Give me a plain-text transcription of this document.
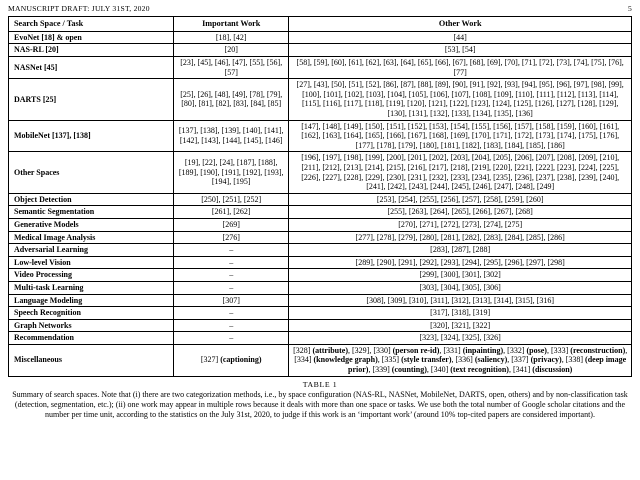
MANUSCRIPT DRAFT: JULY 31ST, 2020	5
Search Space / Task	Important Work	Other Work
EvoNet [18] & open	[18], [42]	[44]
NAS-RL [20]	[20]	[53], [54]
NASNet [45]	[23], [45], [46], [47], [55], [56], [57]	[58], [59], [60], [61], [62], [63], [64], [65], [66], [67], [68], [69], [70], [71], [72], [73], [74], [75], [76], [77]
DARTS [25]	[25], [26], [48], [49], [78], [79], [80], [81], [82], [83], [84], [85]	[27], [43], [50], [51], [52], [86], [87], [88], [89], [90], [91], [92], [93], [94], [95], [96], [97], [98], [99], [100], [101], [102], [103], [104], [105], [106], [107], [108], [109], [110], [111], [112], [113], [114], [115], [116], [117], [118], [119], [120], [121], [122], [123], [124], [125], [126], [127], [128], [129], [130], [131], [132], [133], [134], [135], [136]
MobileNet [137], [138]	[137], [138], [139], [140], [141], [142], [143], [144], [145], [146]	[147], [148], [149], [150], [151], [152], [153], [154], [155], [156], [157], [158], [159], [160], [161], [162], [163], [164], [165], [166], [167], [168], [169], [170], [171], [172], [173], [174], [175], [176], [177], [178], [179], [180], [181], [182], [183], [184], [185], [186]
Other Spaces	[19], [22], [24], [187], [188], [189], [190], [191], [192], [193], [194], [195]	[196], [197], [198], [199], [200], [201], [202], [203], [204], [205], [206], [207], [208], [209], [210], [211], [212], [213], [214], [215], [216], [217], [218], [219], [220], [221], [222], [223], [224], [225], [226], [227], [228], [229], [230], [231], [232], [233], [234], [235], [236], [237], [238], [239], [240], [241], [242], [243], [244], [245], [246], [247], [248], [249]
Object Detection	[250], [251], [252]	[253], [254], [255], [256], [257], [258], [259], [260]
Semantic Segmentation	[261], [262]	[255], [263], [264], [265], [266], [267], [268]
Generative Models	[269]	[270], [271], [272], [273], [274], [275]
Medical Image Analysis	[276]	[277], [278], [279], [280], [281], [282], [283], [284], [285], [286]
Adversarial Learning	–	[283], [287], [288]
Low-level Vision	–	[289], [290], [291], [292], [293], [294], [295], [296], [297], [298]
Video Processing	–	[299], [300], [301], [302]
Multi-task Learning	–	[303], [304], [305], [306]
Language Modeling	[307]	[308], [309], [310], [311], [312], [313], [314], [315], [316]
Speech Recognition	–	[317], [318], [319]
Graph Networks	–	[320], [321], [322]
Recommendation	–	[323], [324], [325], [326]
Miscellaneous	[327] (captioning)	[328] (attribute), [329], [330] (person re-id), [331] (inpainting), [332] (pose), [333] (reconstruction), [334] (knowledge graph), [335] (style transfer), [336] (saliency), [337] (privacy), [338] (deep image prior), [339] (counting), [340] (text recognition), [341] (discussion)
TABLE 1
Summary of search spaces. Note that (i) there are two categorization methods, i.e., by space configuration (NAS-RL, NASNet, MobileNet, DARTS, open, others) and by non-classification task (detection, segmentation, etc.); (ii) one work may appear in multiple rows because it deals with more than one space or tasks. We use both the total number of Google scholar citations and the number per time unit, according to the statistics on the July 31st, 2020, to judge if this work is an ‘important work’ (around 10% top-cited papers are considered important).
